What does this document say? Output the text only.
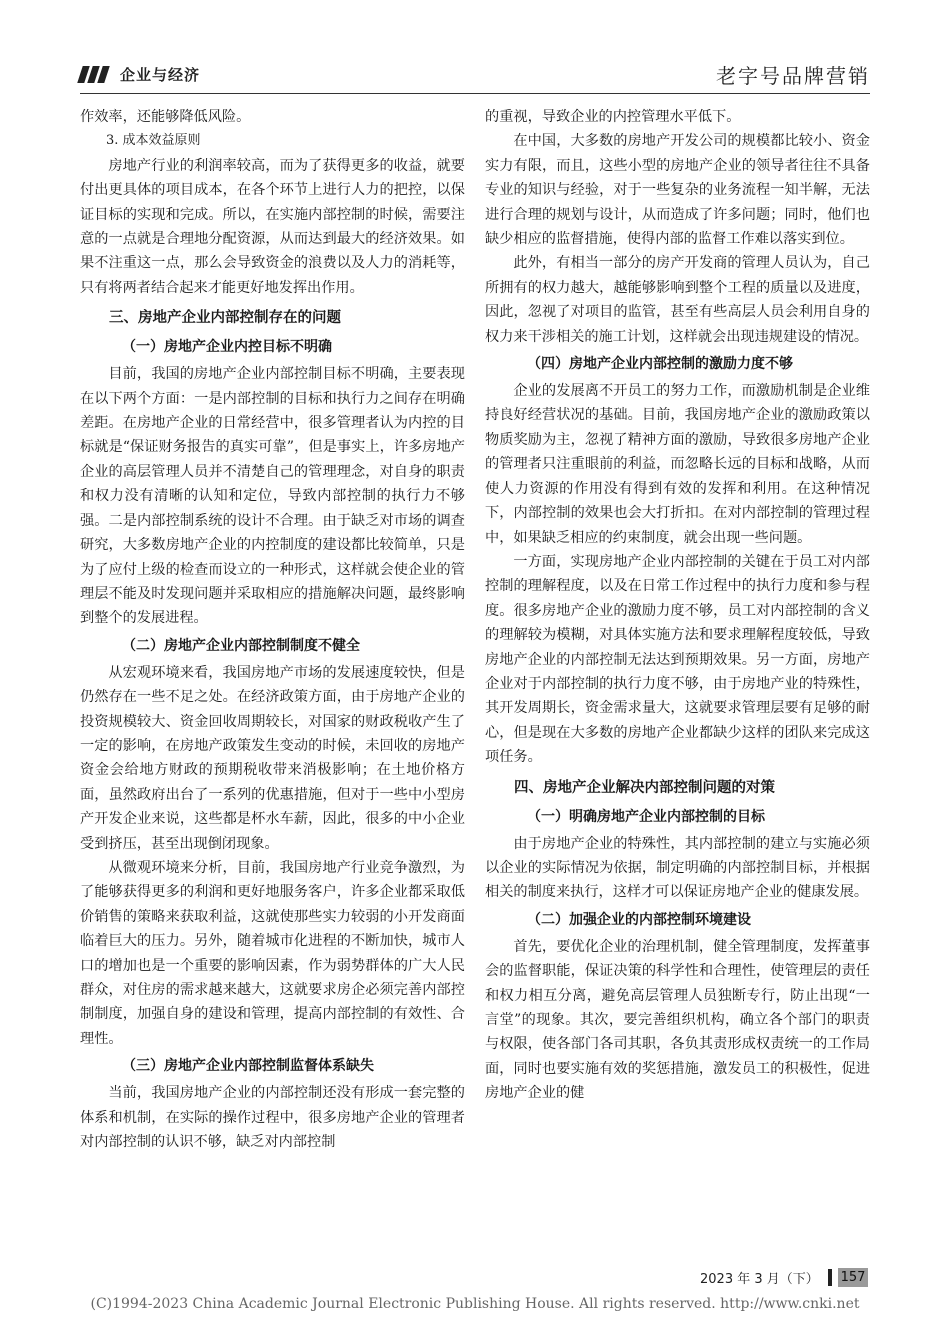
企业与经济	老字号品牌营销

作效率，还能够降低风险。

3. 成本效益原则

房地产行业的利润率较高，而为了获得更多的收益，就要付出更具体的项目成本，在各个环节上进行人力的把控，以保证目标的实现和完成。所以，在实施内部控制的时候，需要注意的一点就是合理地分配资源，从而达到最大的经济效果。如果不注重这一点，那么会导致资金的浪费以及人力的消耗等，只有将两者结合起来才能更好地发挥出作用。

三、房地产企业内部控制存在的问题
（一）房地产企业内控目标不明确

目前，我国的房地产企业内部控制目标不明确，主要表现在以下两个方面：一是内部控制的目标和执行力之间存在明确差距。在房地产企业的日常经营中，很多管理者认为内控的目标就是“保证财务报告的真实可靠”，但是事实上，许多房地产企业的高层管理人员并不清楚自己的管理理念，对自身的职责和权力没有清晰的认知和定位，导致内部控制的执行力不够强。二是内部控制系统的设计不合理。由于缺乏对市场的调查研究，大多数房地产企业的内控制度的建设都比较简单，只是为了应付上级的检查而设立的一种形式，这样就会使企业的管理层不能及时发现问题并采取相应的措施解决问题，最终影响到整个的发展进程。

（二）房地产企业内部控制制度不健全

从宏观环境来看，我国房地产市场的发展速度较快，但是仍然存在一些不足之处。在经济政策方面，由于房地产企业的投资规模较大、资金回收周期较长，对国家的财政税收产生了一定的影响，在房地产政策发生变动的时候，未回收的房地产资金会给地方财政的预期税收带来消极影响；在土地价格方面，虽然政府出台了一系列的优惠措施，但对于一些中小型房产开发企业来说，这些都是杯水车薪，因此，很多的中小企业受到挤压，甚至出现倒闭现象。

从微观环境来分析，目前，我国房地产行业竞争激烈，为了能够获得更多的利润和更好地服务客户，许多企业都采取低价销售的策略来获取利益，这就使那些实力较弱的小开发商面临着巨大的压力。另外，随着城市化进程的不断加快，城市人口的增加也是一个重要的影响因素，作为弱势群体的广大人民群众，对住房的需求越来越大，这就要求房企必须完善内部控制制度，加强自身的建设和管理，提高内部控制的有效性、合理性。

（三）房地产企业内部控制监督体系缺失

当前，我国房地产企业的内部控制还没有形成一套完整的体系和机制，在实际的操作过程中，很多房地产企业的管理者对内部控制的认识不够，缺乏对内部控制

的重视，导致企业的内控管理水平低下。

在中国，大多数的房地产开发公司的规模都比较小、资金实力有限，而且，这些小型的房地产企业的领导者往往不具备专业的知识与经验，对于一些复杂的业务流程一知半解，无法进行合理的规划与设计，从而造成了许多问题；同时，他们也缺少相应的监督措施，使得内部的监督工作难以落实到位。

此外，有相当一部分的房产开发商的管理人员认为，自己所拥有的权力越大，越能够影响到整个工程的质量以及进度，因此，忽视了对项目的监管，甚至有些高层人员会利用自身的权力来干涉相关的施工计划，这样就会出现违规建设的情况。

（四）房地产企业内部控制的激励力度不够

企业的发展离不开员工的努力工作，而激励机制是企业维持良好经营状况的基础。目前，我国房地产企业的激励政策以物质奖励为主，忽视了精神方面的激励，导致很多房地产企业的管理者只注重眼前的利益，而忽略长远的目标和战略，从而使人力资源的作用没有得到有效的发挥和利用。在这种情况下，内部控制的效果也会大打折扣。在对内部控制的管理过程中，如果缺乏相应的约束制度，就会出现一些问题。

一方面，实现房地产企业内部控制的关键在于员工对内部控制的理解程度，以及在日常工作过程中的执行力度和参与程度。很多房地产企业的激励力度不够，员工对内部控制的含义的理解较为模糊，对具体实施方法和要求理解程度较低，导致房地产企业的内部控制无法达到预期效果。另一方面，房地产企业对于内部控制的执行力度不够，由于房地产业的特殊性，其开发周期长，资金需求量大，这就要求管理层要有足够的耐心，但是现在大多数的房地产企业都缺少这样的团队来完成这项任务。

四、房地产企业解决内部控制问题的对策
（一）明确房地产企业内部控制的目标

由于房地产企业的特殊性，其内部控制的建立与实施必须以企业的实际情况为依据，制定明确的内部控制目标，并根据相关的制度来执行，这样才可以保证房地产企业的健康发展。

（二）加强企业的内部控制环境建设

首先，要优化企业的治理机制，健全管理制度，发挥董事会的监督职能，保证决策的科学性和合理性，使管理层的责任和权力相互分离，避免高层管理人员独断专行，防止出现“一言堂”的现象。其次，要完善组织机构，确立各个部门的职责与权限，使各部门各司其职，各负其责形成权责统一的工作局面，同时也要实施有效的奖惩措施，激发员工的积极性，促进房地产企业的健

2023 年 3 月（下） 157
(C)1994-2023 China Academic Journal Electronic Publishing House. All rights reserved. http://www.cnki.net
